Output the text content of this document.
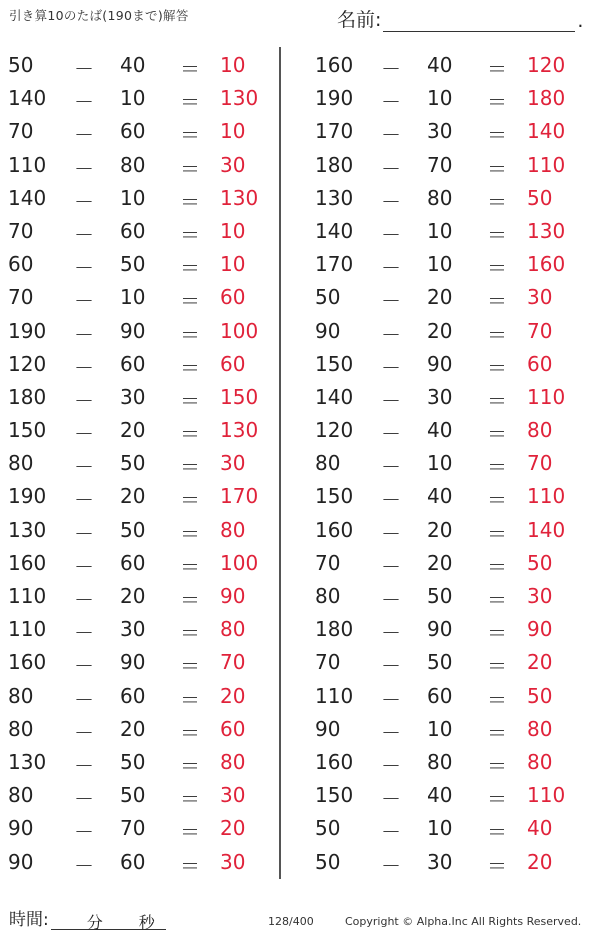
引き算10のたば(190まで)解答	名前:	.
50	－ 40	＝ 10
140	－ 10	＝ 130
70	－ 60	＝ 10
110	－ 80	＝ 30
140	－ 10	＝ 130
70	－ 60	＝ 10
60	－ 50	＝ 10
70	－ 10	＝ 60
190	－ 90	＝ 100
120	－ 60	＝ 60
180	－ 30	＝ 150
150	－ 20	＝ 130
80	－ 50	＝ 30
190	－ 20	＝ 170
130	－ 50	＝ 80
160	－ 60	＝ 100
110	－ 20	＝ 90
110	－ 30	＝ 80
160	－ 90	＝ 70
80	－ 60	＝ 20
80	－ 20	＝ 60
130	－ 50	＝ 80
80	－ 50	＝ 30
90	－ 70	＝ 20
90	－ 60	＝ 30
160	－ 40	＝ 120
190	－ 10	＝ 180
170	－ 30	＝ 140
180	－ 70	＝ 110
130	－ 80	＝ 50
140	－ 10	＝ 130
170	－ 10	＝ 160
50	－ 20	＝ 30
90	－ 20	＝ 70
150	－ 90	＝ 60
140	－ 30	＝ 110
120	－ 40	＝ 80
80	－ 10	＝ 70
150	－ 40	＝ 110
160	－ 20	＝ 140
70	－ 20	＝ 50
80	－ 50	＝ 30
180	－ 90	＝ 90
70	－ 50	＝ 20
110	－ 60	＝ 50
90	－ 10	＝ 80
160	－ 80	＝ 80
150	－ 40	＝ 110
50	－ 10	＝ 40
50	－ 30	＝ 20
時間: 分 秒	128/400	Copyright © Alpha.Inc All Rights Reserved.
